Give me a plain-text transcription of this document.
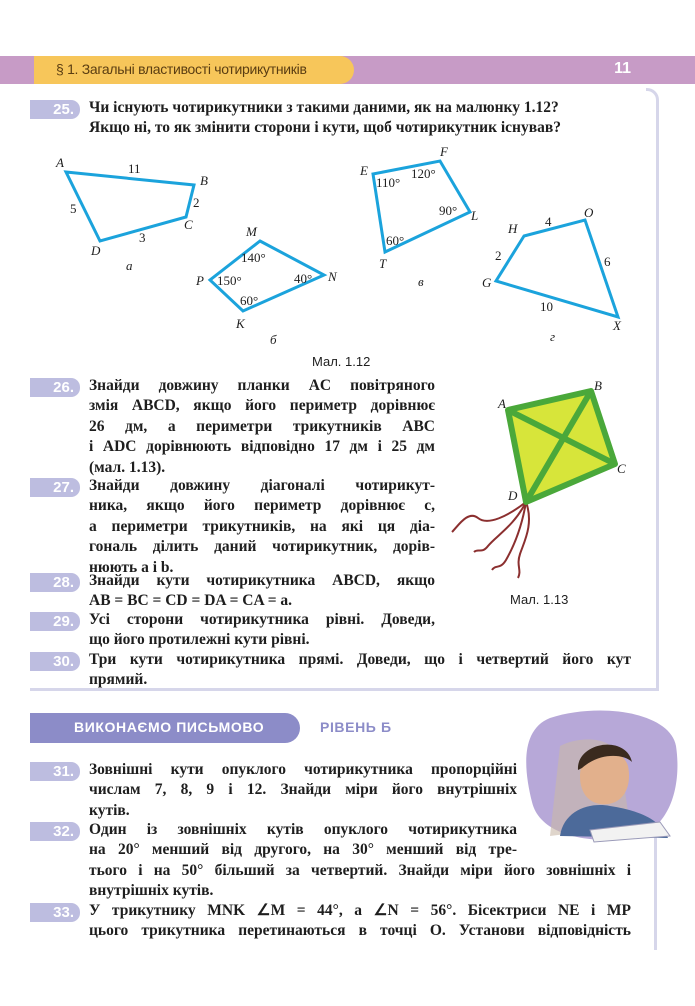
§ 1. Загальні властивості чотирикутників	11
25. Чи існують чотирикутники з такими даними, як на малюнку 1.12?
Якщо ні, то як змінити сторони і кути, щоб чотирикутник існував?
A
B
C
D
11
2
3
5
а
M
N
K
P
140°
40°
60°
150°
б
E
F
L
T
110°
120°
90°
60°
в
H
O
X
G
4
6
10
2
г
Мал. 1.12
26. Знайди довжину планки AC повітряного
змія ABCD, якщо його периметр дорівнює
26 дм, а периметри трикутників ABC
і ADC дорівнюють відповідно 17 дм і 25 дм
(мал. 1.13).
27. Знайди довжину діагоналі чотирикут-
ника, якщо його периметр дорівнює c,
а периметри трикутників, на які ця діа-
гональ ділить даний чотирикутник, дорів-
нюють a і b.
28. Знайди кути чотирикутника ABCD, якщо
AB = BC = CD = DA = CA = a.
29. Усі сторони чотирикутника рівні. Доведи,
що його протилежні кути рівні.
30. Три кути чотирикутника прямі. Доведи, що і четвертий його кут
прямий.
A
B
C
D
Мал. 1.13
ВИКОНАЄМО ПИСЬМОВО	РІВЕНЬ Б
31. Зовнішні кути опуклого чотирикутника пропорційні
числам 7, 8, 9 і 12. Знайди міри його внутрішніх
кутів.
32. Один із зовнішніх кутів опуклого чотирикутника
на 20° менший від другого, на 30° менший від тре-
тього і на 50° більший за четвертий. Знайди міри його зовнішніх і
внутрішніх кутів.
33. У трикутнику MNK ∠M = 44°, а ∠N = 56°. Бісектриси NE і MP
цього трикутника перетинаються в точці O. Установи відповідність
